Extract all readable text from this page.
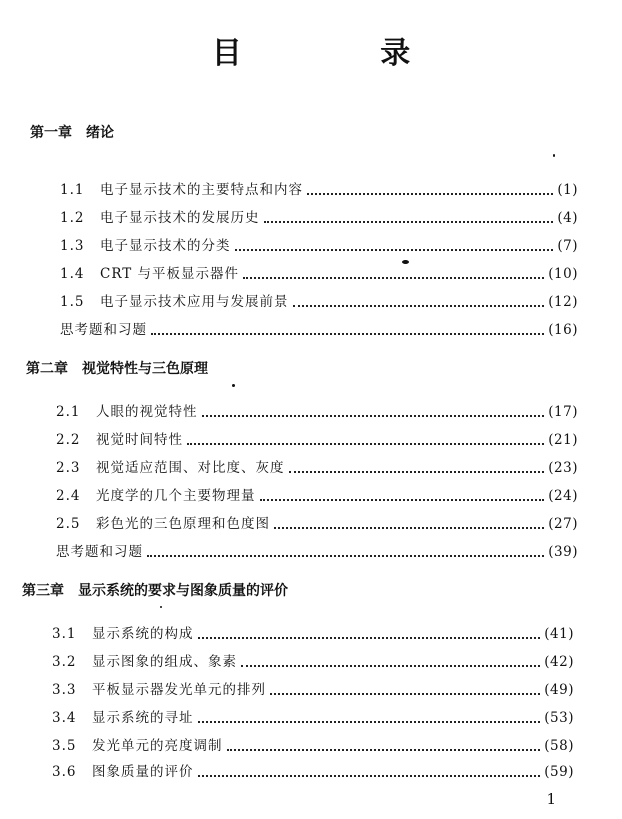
目 录
第一章 绪论
1.1	电子显示技术的主要特点和内容	(1)
1.2	电子显示技术的发展历史	(4)
1.3	电子显示技术的分类	(7)
1.4	CRT 与平板显示器件	(10)
1.5	电子显示技术应用与发展前景	(12)
思考题和习题	(16)
第二章 视觉特性与三色原理
2.1	人眼的视觉特性	(17)
2.2	视觉时间特性	(21)
2.3	视觉适应范围、对比度、灰度	(23)
2.4	光度学的几个主要物理量	(24)
2.5	彩色光的三色原理和色度图	(27)
思考题和习题	(39)
第三章 显示系统的要求与图象质量的评价
3.1	显示系统的构成	(41)
3.2	显示图象的组成、象素	(42)
3.3	平板显示器发光单元的排列	(49)
3.4	显示系统的寻址	(53)
3.5	发光单元的亮度调制	(58)
3.6	图象质量的评价	(59)
1
